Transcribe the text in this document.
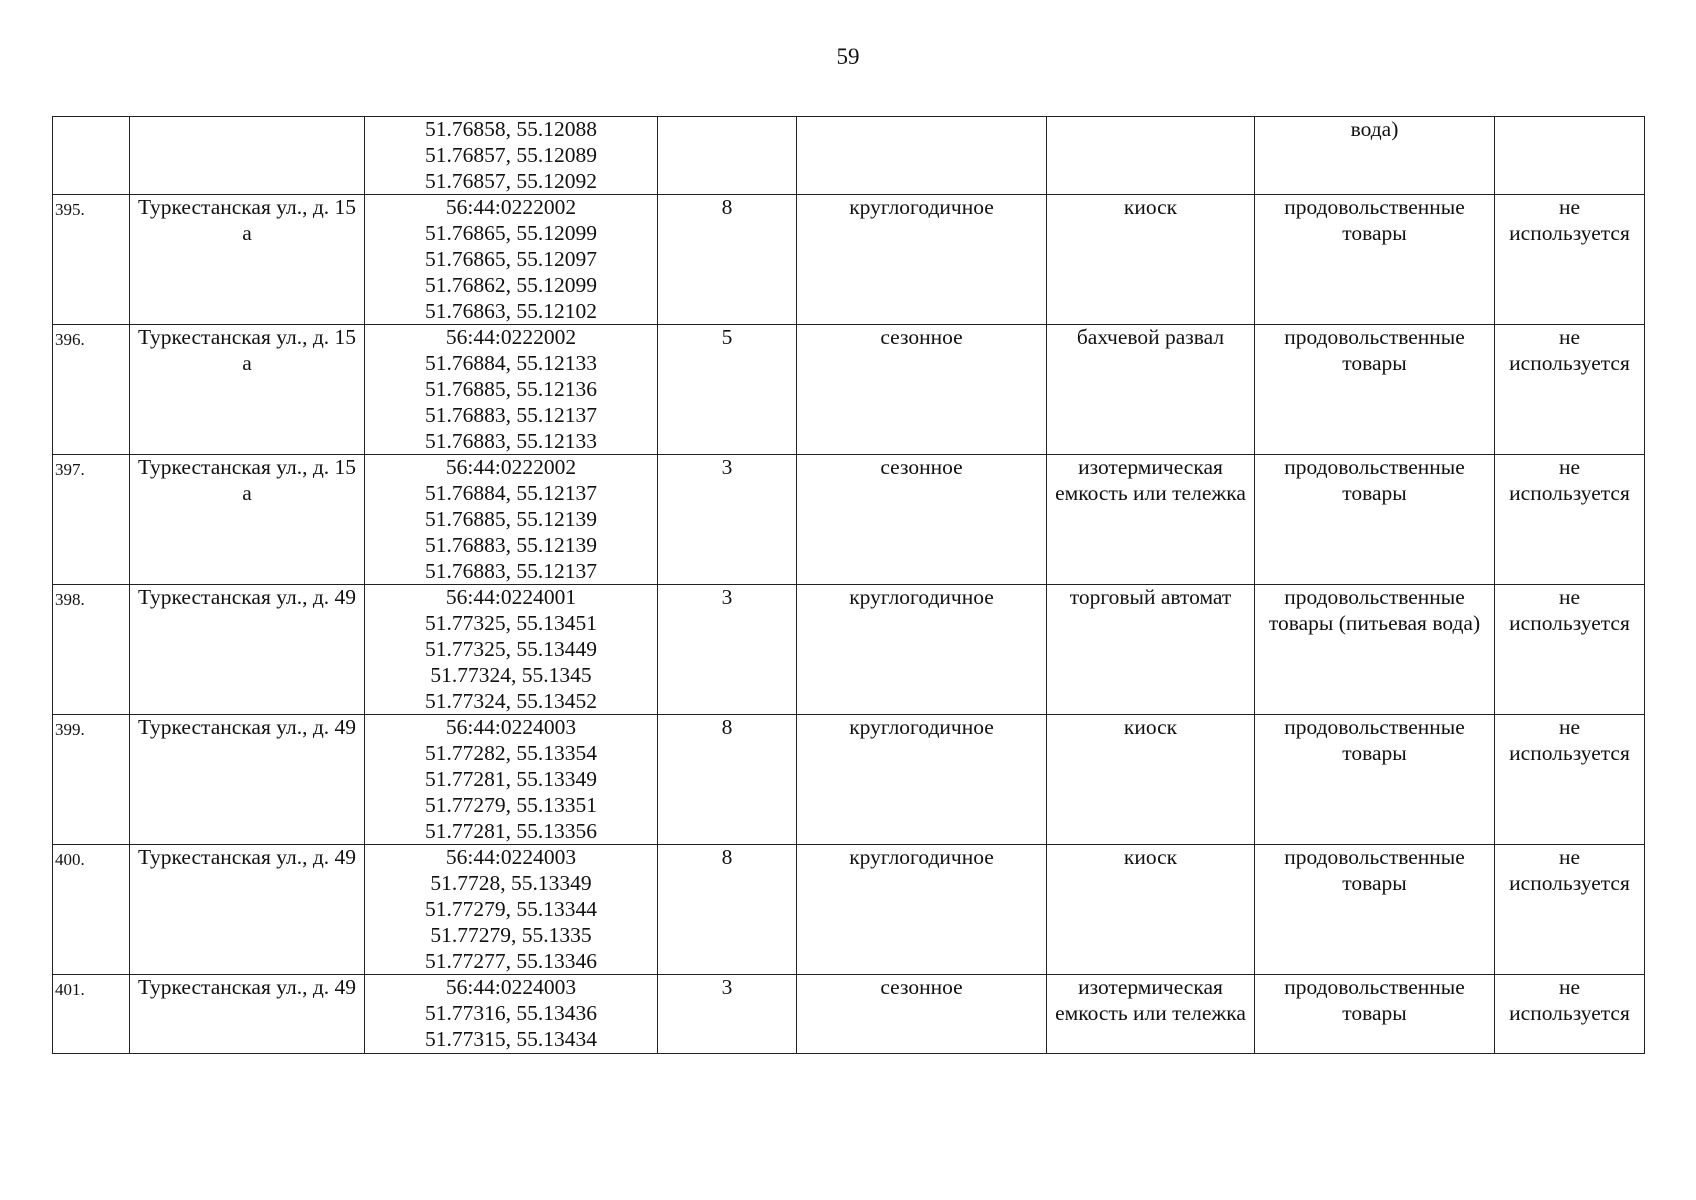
59

		51.76858, 55.12088
51.76857, 55.12089
51.76857, 55.12092				вода)	
395.	Туркестанская ул., д. 15 а	56:44:0222002
51.76865, 55.12099
51.76865, 55.12097
51.76862, 55.12099
51.76863, 55.12102	8	круглогодичное	киоск	продовольственные товары	не используется
396.	Туркестанская ул., д. 15 а	56:44:0222002
51.76884, 55.12133
51.76885, 55.12136
51.76883, 55.12137
51.76883, 55.12133	5	сезонное	бахчевой развал	продовольственные товары	не используется
397.	Туркестанская ул., д. 15 а	56:44:0222002
51.76884, 55.12137
51.76885, 55.12139
51.76883, 55.12139
51.76883, 55.12137	3	сезонное	изотермическая емкость или тележка	продовольственные товары	не используется
398.	Туркестанская ул., д. 49	56:44:0224001
51.77325, 55.13451
51.77325, 55.13449
51.77324, 55.1345
51.77324, 55.13452	3	круглогодичное	торговый автомат	продовольственные товары (питьевая вода)	не используется
399.	Туркестанская ул., д. 49	56:44:0224003
51.77282, 55.13354
51.77281, 55.13349
51.77279, 55.13351
51.77281, 55.13356	8	круглогодичное	киоск	продовольственные товары	не используется
400.	Туркестанская ул., д. 49	56:44:0224003
51.7728, 55.13349
51.77279, 55.13344
51.77279, 55.1335
51.77277, 55.13346	8	круглогодичное	киоск	продовольственные товары	не используется
401.	Туркестанская ул., д. 49	56:44:0224003
51.77316, 55.13436
51.77315, 55.13434	3	сезонное	изотермическая емкость или тележка	продовольственные товары	не используется
